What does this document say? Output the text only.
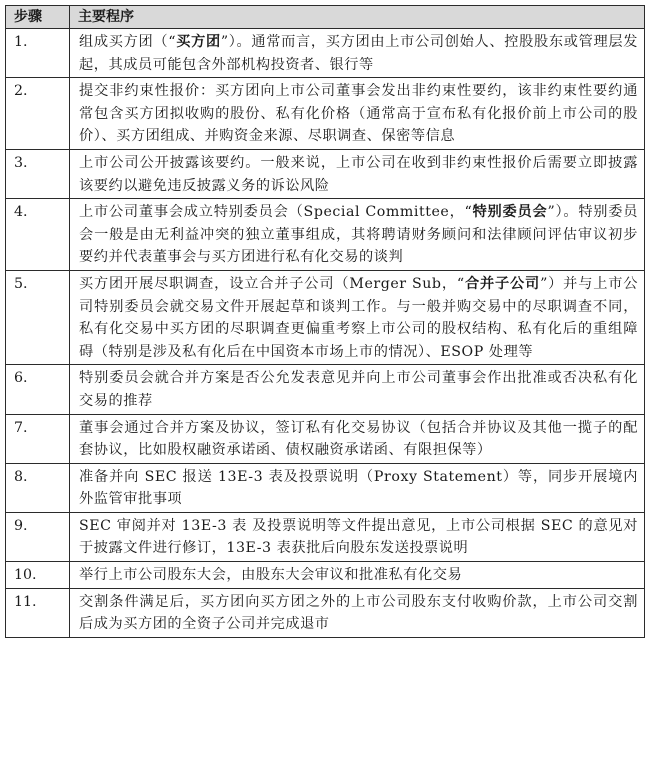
步骤	主要程序
1.	组成买方团（“买方团”）。通常而言，买方团由上市公司创始人、控股股东或管理层发起，其成员可能包含外部机构投资者、银行等
2.	提交非约束性报价：买方团向上市公司董事会发出非约束性要约，该非约束性要约通常包含买方团拟收购的股份、私有化价格（通常高于宣布私有化报价前上市公司的股价）、买方团组成、并购资金来源、尽职调查、保密等信息
3.	上市公司公开披露该要约。一般来说，上市公司在收到非约束性报价后需要立即披露该要约以避免违反披露义务的诉讼风险
4.	上市公司董事会成立特别委员会（Special Committee，“特别委员会”）。特别委员会一般是由无利益冲突的独立董事组成，其将聘请财务顾问和法律顾问评估审议初步要约并代表董事会与买方团进行私有化交易的谈判
5.	买方团开展尽职调查，设立合并子公司（Merger Sub，“合并子公司”）并与上市公司特别委员会就交易文件开展起草和谈判工作。与一般并购交易中的尽职调查不同，私有化交易中买方团的尽职调查更偏重考察上市公司的股权结构、私有化后的重组障碍（特别是涉及私有化后在中国资本市场上市的情况）、ESOP 处理等
6.	特别委员会就合并方案是否公允发表意见并向上市公司董事会作出批准或否决私有化交易的推荐
7.	董事会通过合并方案及协议，签订私有化交易协议（包括合并协议及其他一揽子的配套协议，比如股权融资承诺函、债权融资承诺函、有限担保等）
8.	准备并向 SEC 报送 13E-3 表及投票说明（Proxy Statement）等，同步开展境内外监管审批事项
9.	SEC 审阅并对 13E-3 表 及投票说明等文件提出意见，上市公司根据 SEC 的意见对于披露文件进行修订，13E-3 表获批后向股东发送投票说明
10.	举行上市公司股东大会，由股东大会审议和批准私有化交易
11.	交割条件满足后，买方团向买方团之外的上市公司股东支付收购价款，上市公司交割后成为买方团的全资子公司并完成退市
